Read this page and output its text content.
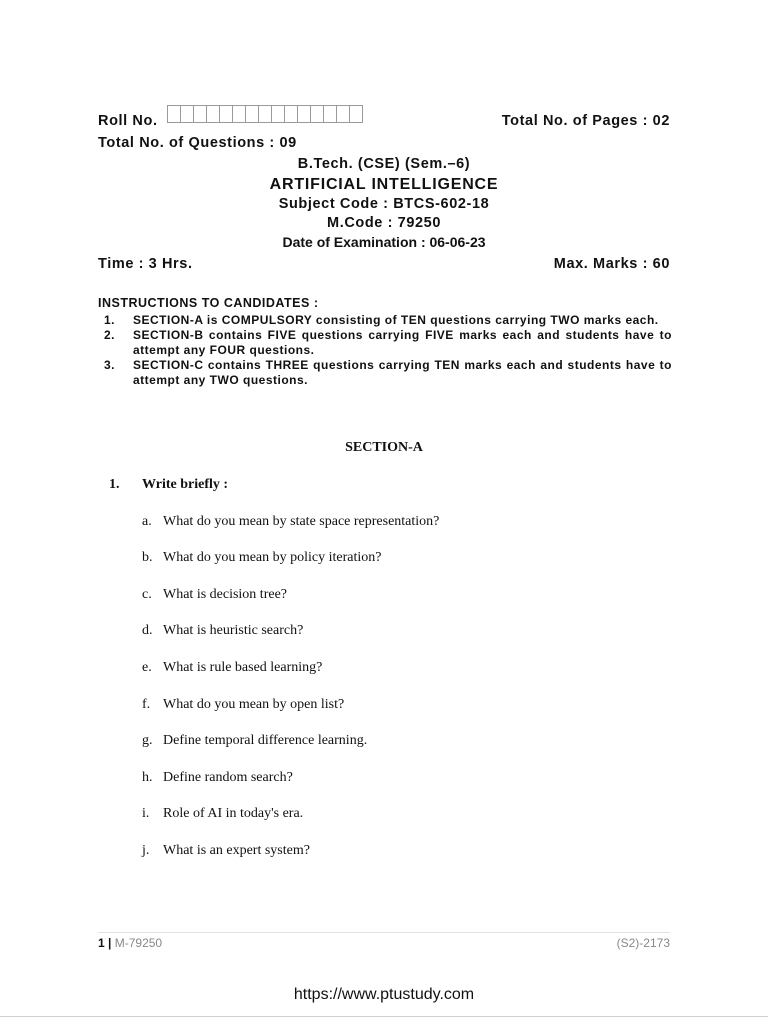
Roll No.	Total No. of Pages : 02
Total No. of Questions : 09
B.Tech. (CSE) (Sem.–6)
ARTIFICIAL INTELLIGENCE
Subject Code : BTCS-602-18
M.Code : 79250
Date of Examination : 06-06-23
Time : 3 Hrs.	Max. Marks : 60
INSTRUCTIONS TO CANDIDATES :
1.	SECTION-A is COMPULSORY consisting of TEN questions carrying TWO marks each.
2.	SECTION-B contains FIVE questions carrying FIVE marks each and students have to attempt any FOUR questions.
3.	SECTION-C contains THREE questions carrying TEN marks each and students have to attempt any TWO questions.
SECTION-A
1. Write briefly :
a. What do you mean by state space representation?
b. What do you mean by policy iteration?
c. What is decision tree?
d. What is heuristic search?
e. What is rule based learning?
f. What do you mean by open list?
g. Define temporal difference learning.
h. Define random search?
i. Role of AI in today's era.
j. What is an expert system?
1 | M-79250	(S2)-2173
https://www.ptustudy.com
